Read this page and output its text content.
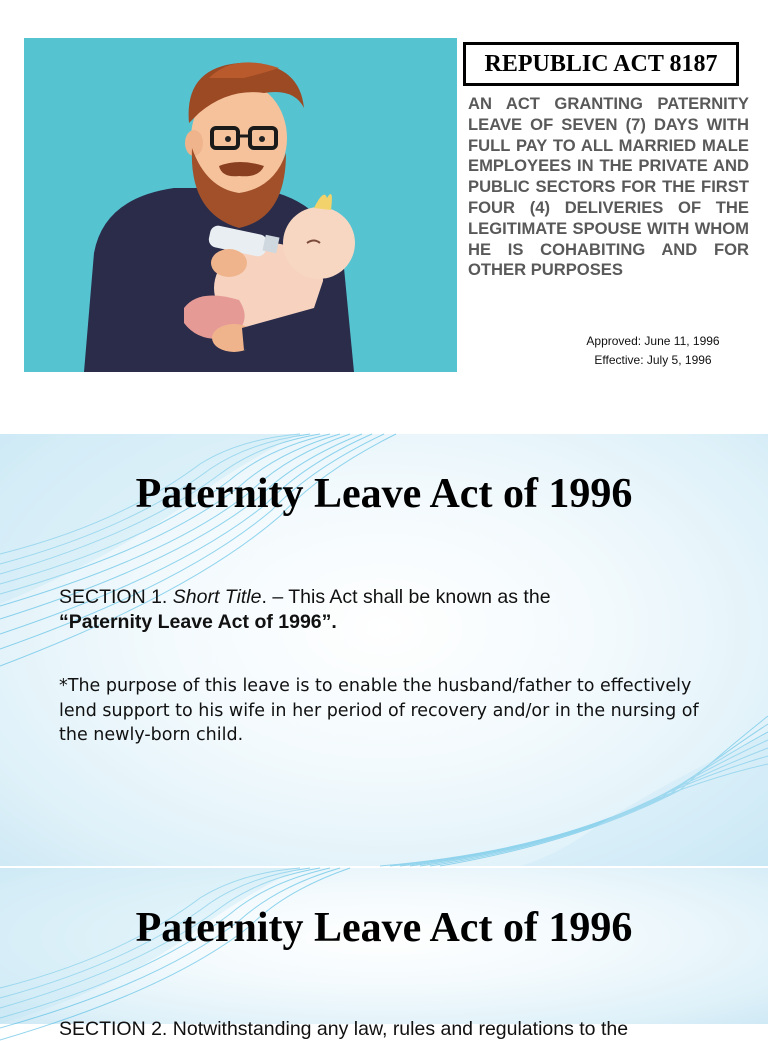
REPUBLIC ACT 8187
AN ACT GRANTING PATERNITY LEAVE OF SEVEN (7) DAYS WITH FULL PAY TO ALL MARRIED MALE EMPLOYEES IN THE PRIVATE AND PUBLIC SECTORS FOR THE FIRST FOUR (4) DELIVERIES OF THE LEGITIMATE SPOUSE WITH WHOM HE IS COHABITING AND FOR OTHER PURPOSES
Approved: June 11, 1996
Effective: July 5, 1996
Paternity Leave Act of 1996
SECTION 1. Short Title. – This Act shall be known as the
“Paternity Leave Act of 1996”.
*The purpose of this leave is to enable the husband/father to effectively lend support to his wife in her period of recovery and/or in the nursing of the newly-born child.
Paternity Leave Act of 1996
SECTION 2. Notwithstanding any law, rules and regulations to the
